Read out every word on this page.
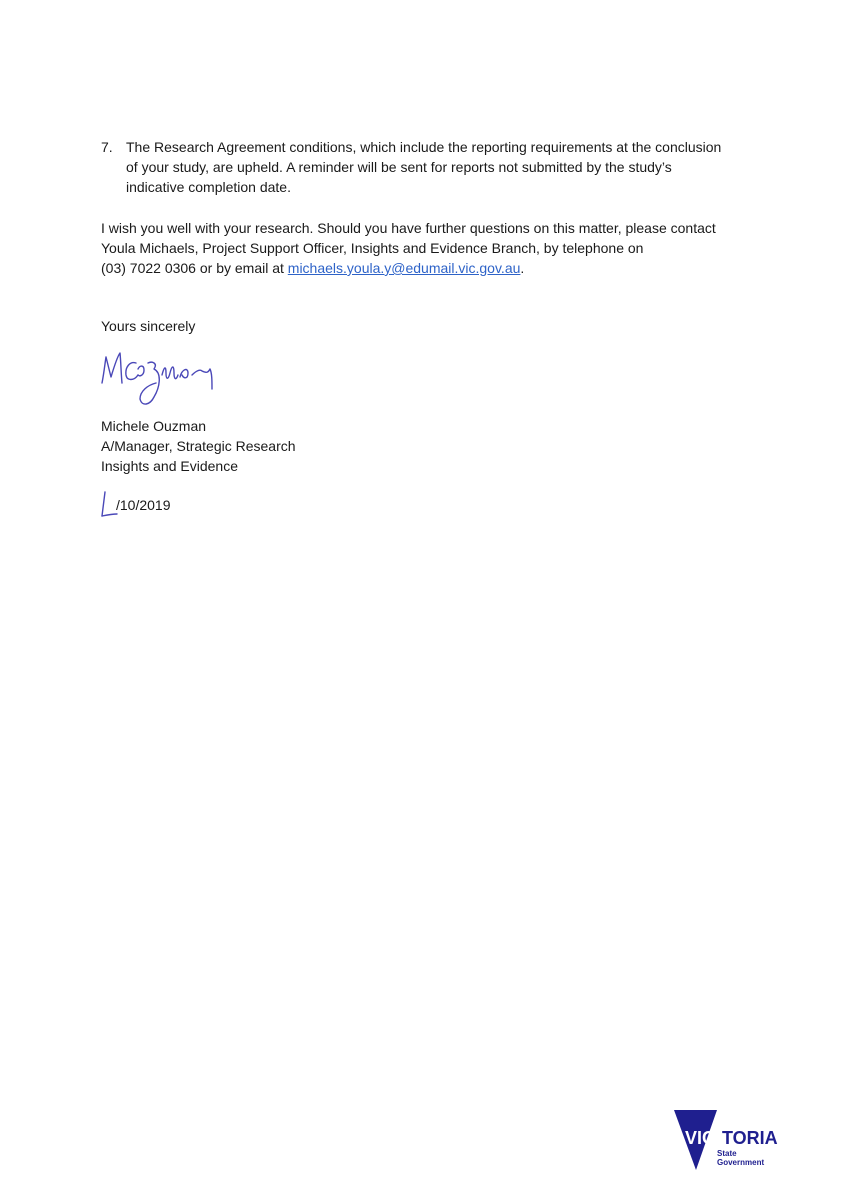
7. The Research Agreement conditions, which include the reporting requirements at the conclusion
of your study, are upheld. A reminder will be sent for reports not submitted by the study’s
indicative completion date.
I wish you well with your research. Should you have further questions on this matter, please contact
Youla Michaels, Project Support Officer, Insights and Evidence Branch, by telephone on
(03) 7022 0306 or by email at michaels.youla.y@edumail.vic.gov.au.
Yours sincerely
Michele Ouzman
A/Manager, Strategic Research
Insights and Evidence
/10/2019
VIC TORIA
State
Government
